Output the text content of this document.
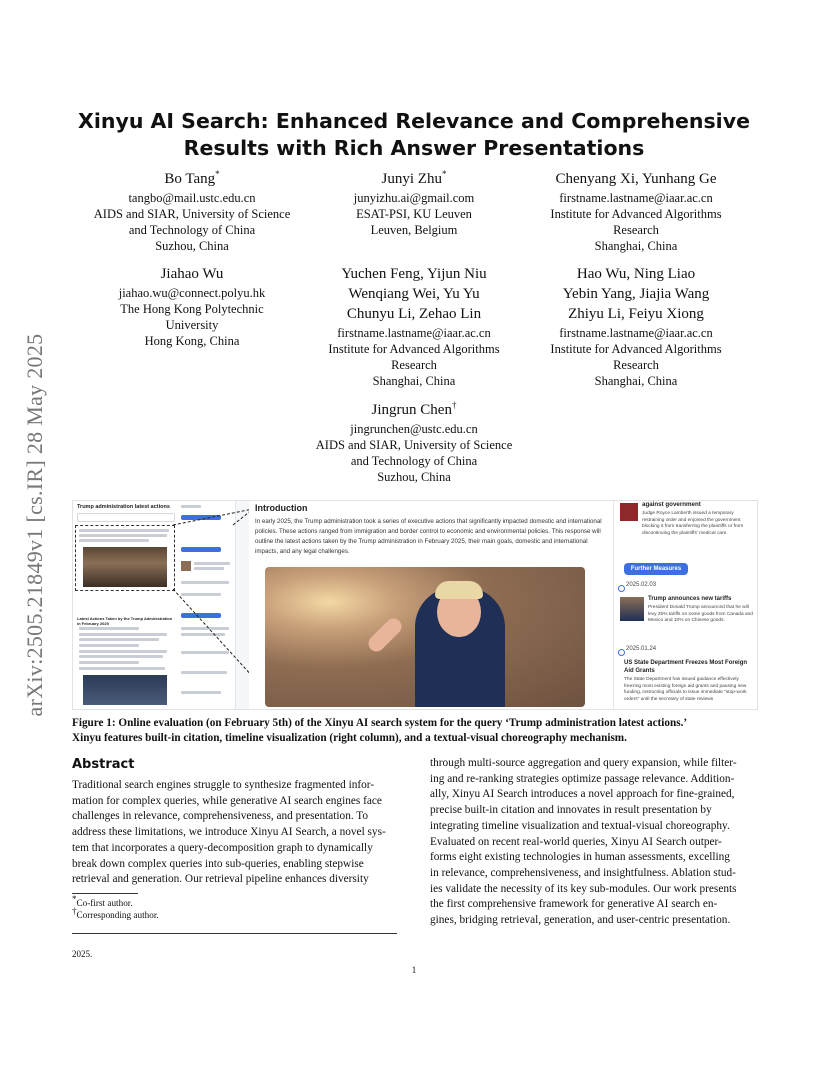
arXiv:2505.21849v1 [cs.IR] 28 May 2025
Xinyu AI Search: Enhanced Relevance and Comprehensive
Results with Rich Answer Presentations
Bo Tang*
tangbo@mail.ustc.edu.cn
AIDS and SIAR, University of Science
and Technology of China
Suzhou, China
Junyi Zhu*
junyizhu.ai@gmail.com
ESAT-PSI, KU Leuven
Leuven, Belgium
Chenyang Xi, Yunhang Ge
firstname.lastname@iaar.ac.cn
Institute for Advanced Algorithms
Research
Shanghai, China
Jiahao Wu
jiahao.wu@connect.polyu.hk
The Hong Kong Polytechnic
University
Hong Kong, China
Yuchen Feng, Yijun Niu
Wenqiang Wei, Yu Yu
Chunyu Li, Zehao Lin
firstname.lastname@iaar.ac.cn
Institute for Advanced Algorithms
Research
Shanghai, China
Hao Wu, Ning Liao
Yebin Yang, Jiajia Wang
Zhiyu Li, Feiyu Xiong
firstname.lastname@iaar.ac.cn
Institute for Advanced Algorithms
Research
Shanghai, China
Jingrun Chen†
jingrunchen@ustc.edu.cn
AIDS and SIAR, University of Science
and Technology of China
Suzhou, China
Trump administration latest actions
Latest Actions Taken by the Trump Administration in February 2025
Introduction
In early 2025, the Trump administration took a series of executive actions that significantly impacted domestic and international policies. These actions ranged from immigration and border control to economic and environmental policies. This response will outline the latest actions taken by the Trump administration in February 2025, their main goals, domestic and international impacts, and any legal challenges.
against government
Judge Royce Lamberth issued a temporary restraining order and enjoined the government blocking it from transferring the plaintiffs or from discontinuing the plaintiffs' medical care.
Further Measures
2025.02.03
Trump announces new tariffs
President Donald Trump announced that he will levy 25% tariffs on some goods from Canada and Mexico and 10% on Chinese goods.
2025.01.24
US State Department Freezes Most Foreign Aid Grants
The State Department has issued guidance effectively freezing most existing foreign aid grants and pausing new funding, instructing officials to issue immediate "stop-work orders" until the secretary of state reviews
Figure 1: Online evaluation (on February 5th) of the Xinyu AI search system for the query ‘Trump administration latest actions.’
Xinyu features built-in citation, timeline visualization (right column), and a textual-visual choreography mechanism.
Abstract
Traditional search engines struggle to synthesize fragmented infor-
mation for complex queries, while generative AI search engines face
challenges in relevance, comprehensiveness, and presentation. To
address these limitations, we introduce Xinyu AI Search, a novel sys-
tem that incorporates a query-decomposition graph to dynamically
break down complex queries into sub-queries, enabling stepwise
retrieval and generation. Our retrieval pipeline enhances diversity
through multi-source aggregation and query expansion, while filter-
ing and re-ranking strategies optimize passage relevance. Addition-
ally, Xinyu AI Search introduces a novel approach for fine-grained,
precise built-in citation and innovates in result presentation by
integrating timeline visualization and textual-visual choreography.
Evaluated on recent real-world queries, Xinyu AI Search outper-
forms eight existing technologies in human assessments, excelling
in relevance, comprehensiveness, and insightfulness. Ablation stud-
ies validate the necessity of its key sub-modules. Our work presents
the first comprehensive framework for generative AI search en-
gines, bridging retrieval, generation, and user-centric presentation.
*Co-first author.
†Corresponding author.
2025.
1
